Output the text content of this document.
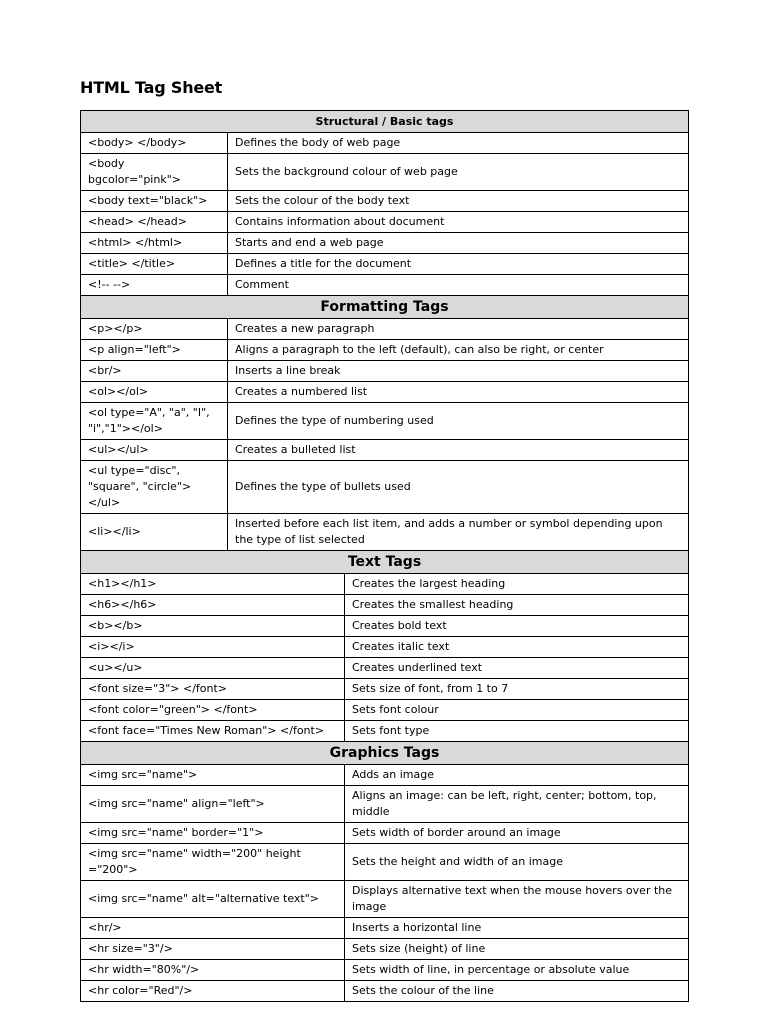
HTML Tag Sheet
Structural / Basic tags		
<body> </body>	Defines the body of web page	
<body bgcolor="pink">	Sets the background colour of web page	
<body text="black">	Sets the colour of the body text	
<head> </head>	Contains information about document	
<html> </html>	Starts and end a web page	
<title> </title>	Defines a title for the document	
<!-- -->	Comment	
Formatting Tags		
<p></p>	Creates a new paragraph	
<p align="left">	Aligns a paragraph to the left (default), can also be right, or center	
<br/>	Inserts a line break	
<ol></ol>	Creates a numbered list	
<ol type="A", "a", "I", "i","1"></ol>	Defines the type of numbering used	
<ul></ul>	Creates a bulleted list	
<ul type="disc", "square", "circle"></ul>	Defines the type of bullets used	
<li></li>	Inserted before each list item, and adds a number or symbol depending upon the type of list selected	
Text Tags		
<h1></h1>		Creates the largest heading
<h6></h6>		Creates the smallest heading
<b></b>		Creates bold text
<i></i>		Creates italic text
<u></u>		Creates underlined text
<font size="3"> </font>		Sets size of font, from 1 to 7
<font color="green"> </font>		Sets font colour
<font face="Times New Roman"> </font>		Sets font type
Graphics Tags		
<img src="name">		Adds an image
<img src="name" align="left">		Aligns an image: can be left, right, center; bottom, top, middle
<img src="name" border="1">		Sets width of border around an image
<img src="name" width="200" height ="200">		Sets the height and width of an image
<img src="name" alt="alternative text">		Displays alternative text when the mouse hovers over the image
<hr/>		Inserts a horizontal line
<hr size="3"/>		Sets size (height) of line
<hr width="80%"/>		Sets width of line, in percentage or absolute value
<hr color="Red"/>		Sets the colour of the line
